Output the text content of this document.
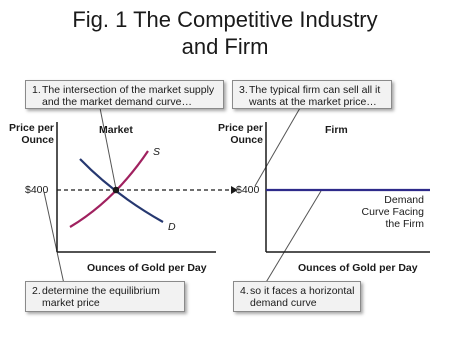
Fig. 1 The Competitive Industry
and Firm
1.The intersection of the market supply
and the market demand curve…
2.determine the equilibrium
market price
3.The typical firm can sell all it
wants at the market price…
4.so it faces a horizontal
demand curve
Price per
Ounce
Market
S
D
$400
Ounces of Gold per Day
Price per
Ounce
Firm
$400
Demand
Curve Facing
the Firm
Ounces of Gold per Day
